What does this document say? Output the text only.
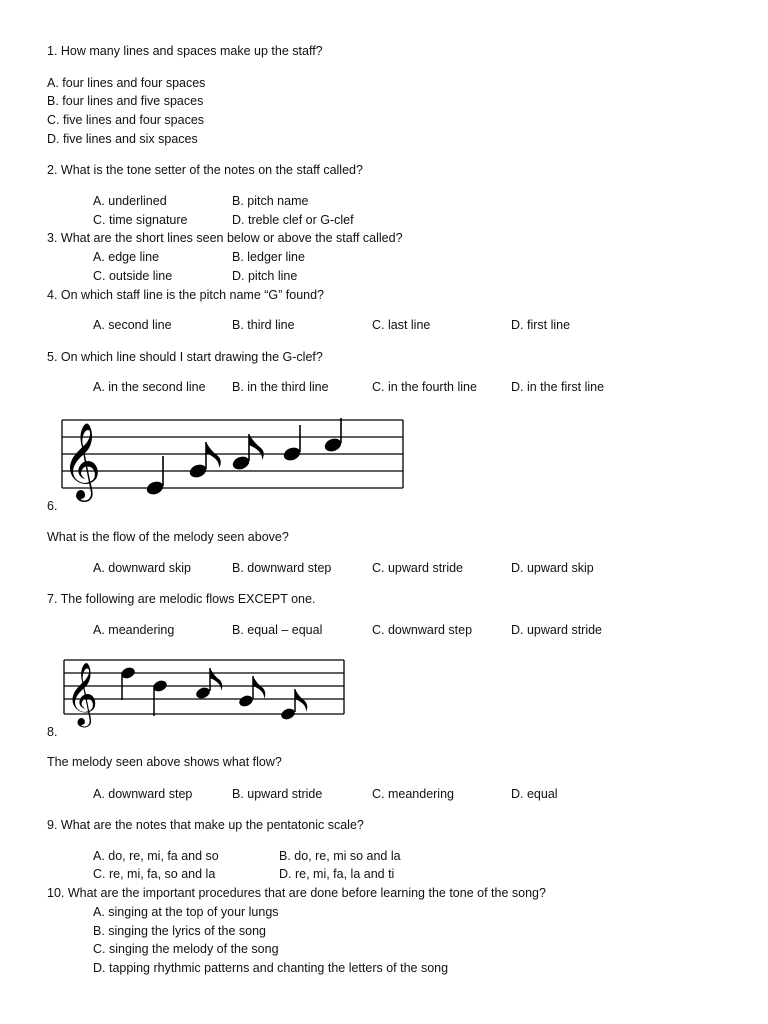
1. How many lines and spaces make up the staff?
A. four lines and four spaces
B. four lines and five spaces
C. five lines and four spaces
D. five lines and six spaces
2. What is the tone setter of the notes on the staff called?
A. underlined	B. pitch name
C. time signature	D. treble clef or G-clef
3. What are the short lines seen below or above the staff called?
A. edge line	B. ledger line
C. outside line	D. pitch line
4. On which staff line is the pitch name “G” found?
A. second line	B. third line	C. last line	D. first line
5. On which line should I start drawing the G-clef?
A. in the second line B. in the third line	C. in the fourth line	D. in the first line
𝄞
6.
What is the flow of the melody seen above?
A. downward skip	B. downward step	C. upward stride	D. upward skip
7. The following are melodic flows EXCEPT one.
A. meandering	B. equal – equal	C. downward step	D. upward stride
𝄞
8.
The melody seen above shows what flow?
A. downward step	B. upward stride	C. meandering	D. equal
9. What are the notes that make up the pentatonic scale?
A. do, re, mi, fa and so	B. do, re, mi so and la
C. re, mi, fa, so and la	D. re, mi, fa, la and ti
10. What are the important procedures that are done before learning the tone of the song?
A. singing at the top of your lungs
B. singing the lyrics of the song
C. singing the melody of the song
D. tapping rhythmic patterns and chanting the letters of the song
